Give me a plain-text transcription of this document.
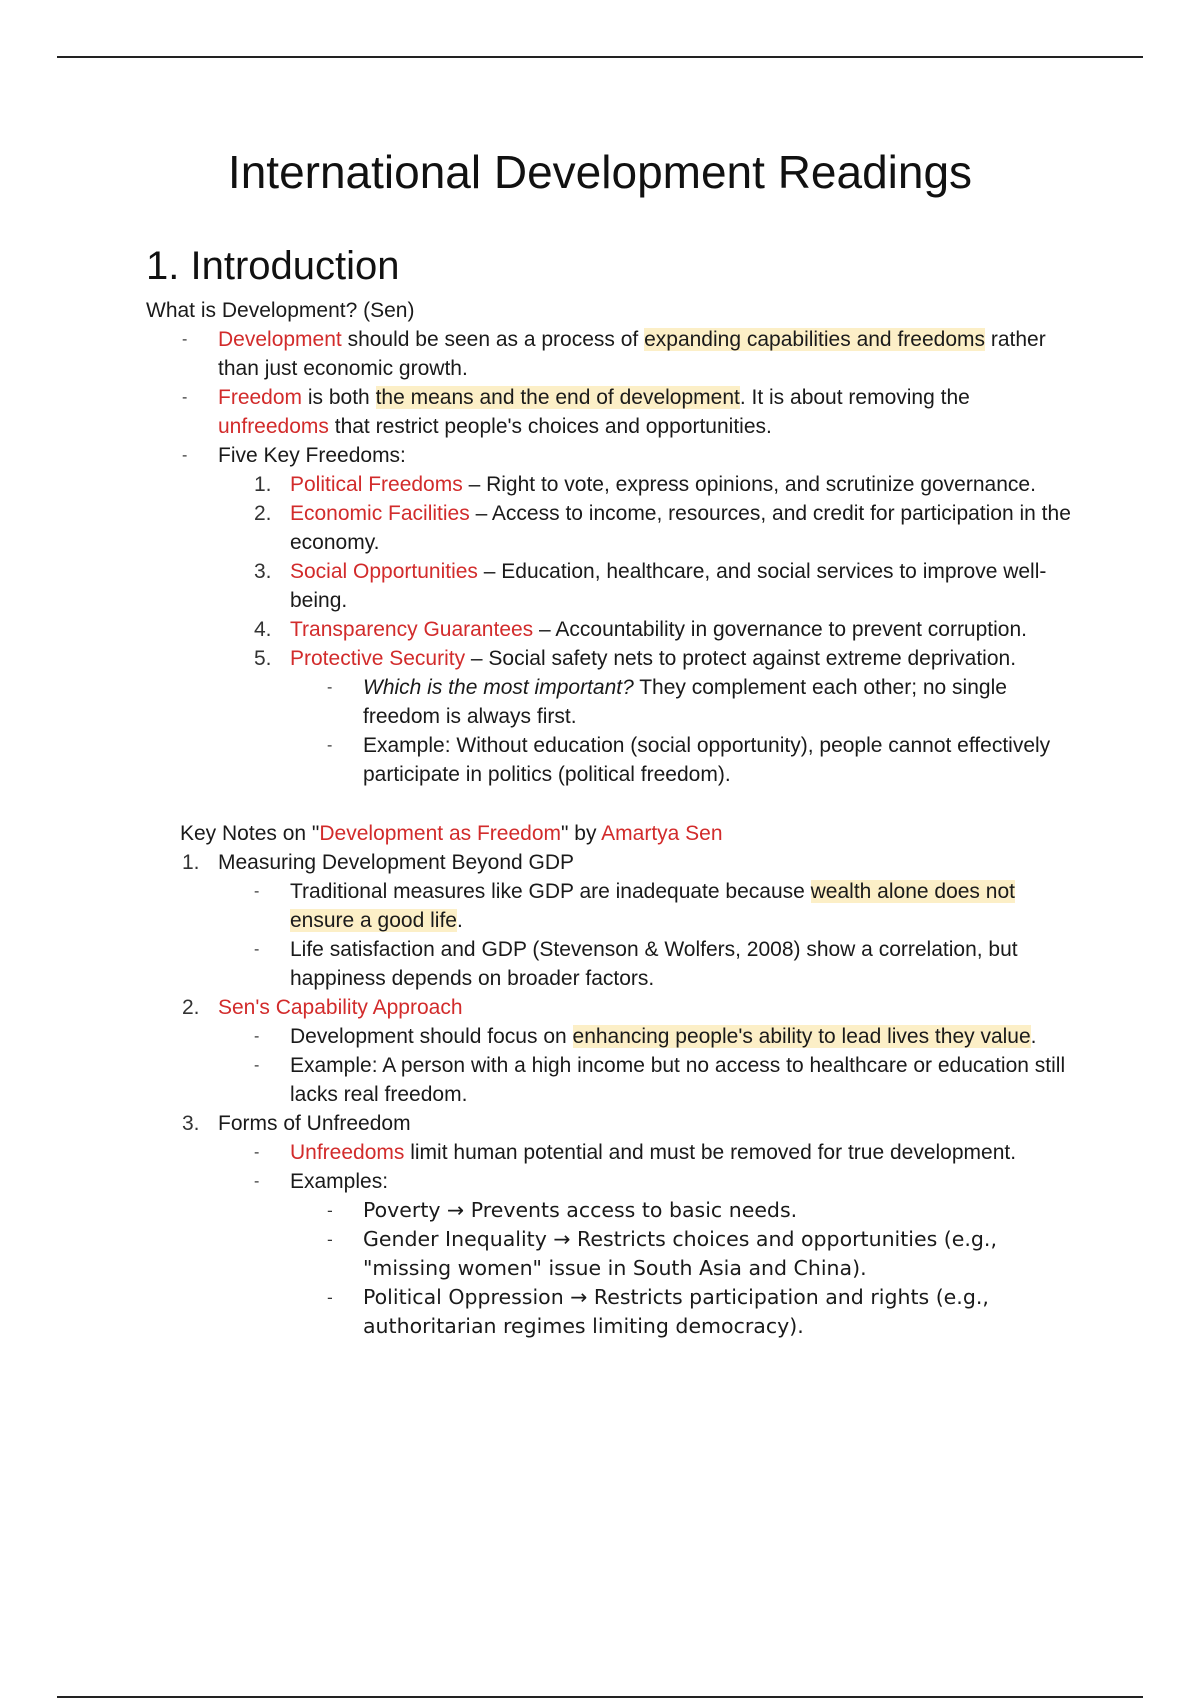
International Development Readings
1. Introduction

What is Development? (Sen)

- Development should be seen as a process of expanding capabilities and freedoms rather than just economic growth.
- Freedom is both the means and the end of development. It is about removing the unfreedoms that restrict people's choices and opportunities.
- Five Key Freedoms:
1. Political Freedoms – Right to vote, express opinions, and scrutinize governance.
2. Economic Facilities – Access to income, resources, and credit for participation in the economy.
3. Social Opportunities – Education, healthcare, and social services to improve well-being.
4. Transparency Guarantees – Accountability in governance to prevent corruption.
5. Protective Security – Social safety nets to protect against extreme deprivation.
- Which is the most important? They complement each other; no single freedom is always first.
- Example: Without education (social opportunity), people cannot effectively participate in politics (political freedom).

Key Notes on "Development as Freedom" by Amartya Sen

1. Measuring Development Beyond GDP
- Traditional measures like GDP are inadequate because wealth alone does not ensure a good life.
- Life satisfaction and GDP (Stevenson & Wolfers, 2008) show a correlation, but happiness depends on broader factors.
2. Sen's Capability Approach
- Development should focus on enhancing people's ability to lead lives they value.
- Example: A person with a high income but no access to healthcare or education still lacks real freedom.
3. Forms of Unfreedom
- Unfreedoms limit human potential and must be removed for true development.
- Examples:
- Poverty → Prevents access to basic needs.
- Gender Inequality → Restricts choices and opportunities (e.g., "missing women" issue in South Asia and China).
- Political Oppression → Restricts participation and rights (e.g., authoritarian regimes limiting democracy).
